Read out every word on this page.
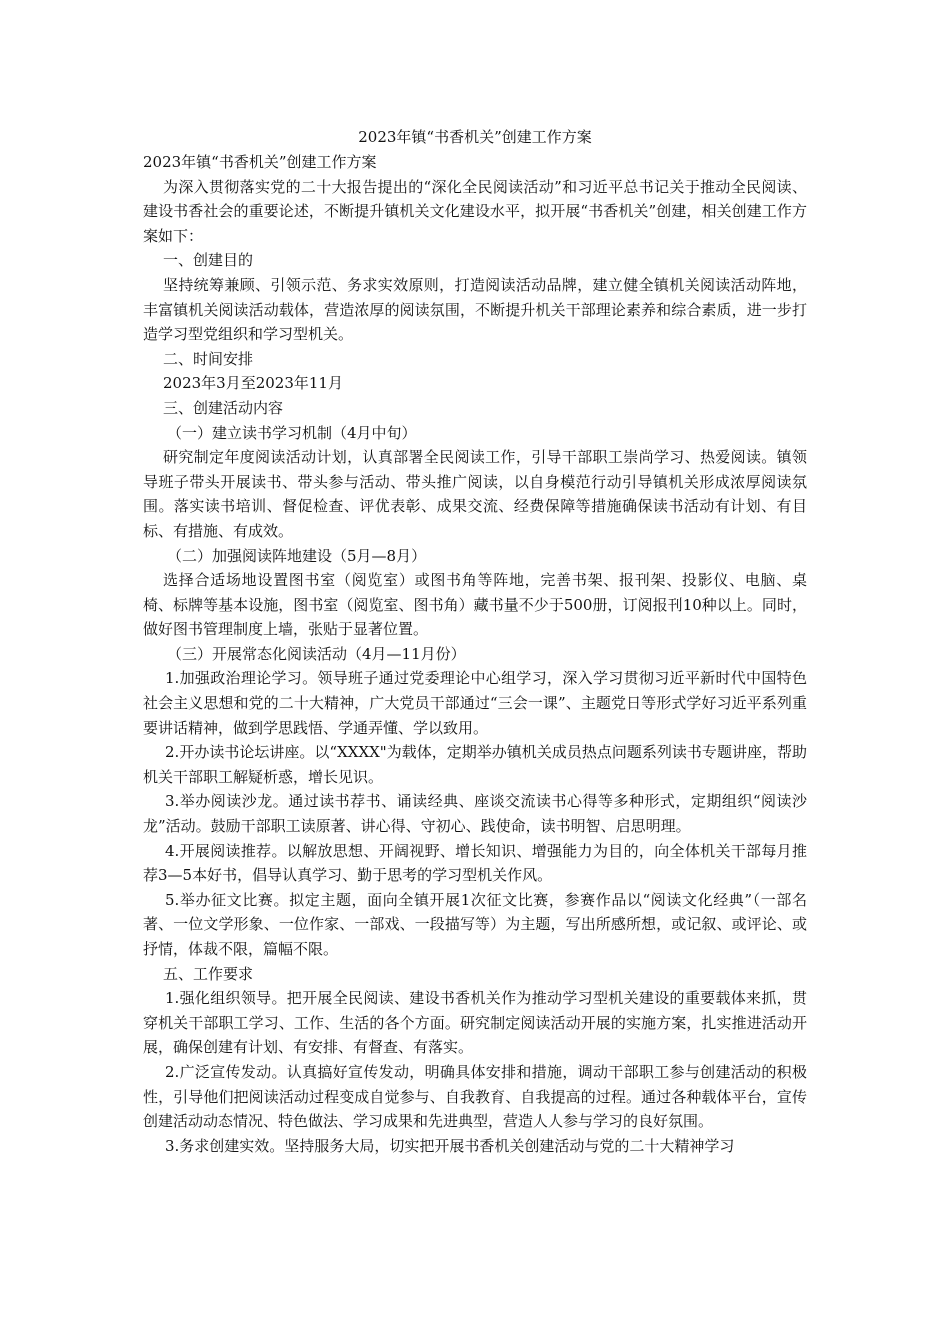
2023年镇“书香机关”创建工作方案

2023年镇“书香机关”创建工作方案

为深入贯彻落实党的二十大报告提出的“深化全民阅读活动”和习近平总书记关于推动全民阅读、建设书香社会的重要论述，不断提升镇机关文化建设水平，拟开展“书香机关”创建，相关创建工作方案如下：

一、创建目的

坚持统筹兼顾、引领示范、务求实效原则，打造阅读活动品牌，建立健全镇机关阅读活动阵地，丰富镇机关阅读活动载体，营造浓厚的阅读氛围，不断提升机关干部理论素养和综合素质，进一步打造学习型党组织和学习型机关。

二、时间安排

2023年3月至2023年11月

三、创建活动内容

（一）建立读书学习机制（4月中旬）

研究制定年度阅读活动计划，认真部署全民阅读工作，引导干部职工崇尚学习、热爱阅读。镇领导班子带头开展读书、带头参与活动、带头推广阅读，以自身模范行动引导镇机关形成浓厚阅读氛围。落实读书培训、督促检查、评优表彰、成果交流、经费保障等措施确保读书活动有计划、有目标、有措施、有成效。

（二）加强阅读阵地建设（5月—8月）

选择合适场地设置图书室（阅览室）或图书角等阵地，完善书架、报刊架、投影仪、电脑、桌椅、标牌等基本设施，图书室（阅览室、图书角）藏书量不少于500册，订阅报刊10种以上。同时，做好图书管理制度上墙，张贴于显著位置。

（三）开展常态化阅读活动（4月—11月份）

1.加强政治理论学习。领导班子通过党委理论中心组学习，深入学习贯彻习近平新时代中国特色社会主义思想和党的二十大精神，广大党员干部通过“三会一课”、主题党日等形式学好习近平系列重要讲话精神，做到学思践悟、学通弄懂、学以致用。

2.开办读书论坛讲座。以“XXXX"为载体，定期举办镇机关成员热点问题系列读书专题讲座，帮助机关干部职工解疑析惑，增长见识。

3.举办阅读沙龙。通过读书荐书、诵读经典、座谈交流读书心得等多种形式，定期组织“阅读沙龙”活动。鼓励干部职工读原著、讲心得、守初心、践使命，读书明智、启思明理。

4.开展阅读推荐。以解放思想、开阔视野、增长知识、增强能力为目的，向全体机关干部每月推荐3—5本好书，倡导认真学习、勤于思考的学习型机关作风。

5.举办征文比赛。拟定主题，面向全镇开展1次征文比赛，参赛作品以“阅读文化经典”（一部名著、一位文学形象、一位作家、一部戏、一段描写等）为主题，写出所感所想，或记叙、或评论、或抒情，体裁不限，篇幅不限。

五、工作要求

1.强化组织领导。把开展全民阅读、建设书香机关作为推动学习型机关建设的重要载体来抓，贯穿机关干部职工学习、工作、生活的各个方面。研究制定阅读活动开展的实施方案，扎实推进活动开展，确保创建有计划、有安排、有督查、有落实。

2.广泛宣传发动。认真搞好宣传发动，明确具体安排和措施，调动干部职工参与创建活动的积极性，引导他们把阅读活动过程变成自觉参与、自我教育、自我提高的过程。通过各种载体平台，宣传创建活动动态情况、特色做法、学习成果和先进典型，营造人人参与学习的良好氛围。

3.务求创建实效。坚持服务大局，切实把开展书香机关创建活动与党的二十大精神学习
